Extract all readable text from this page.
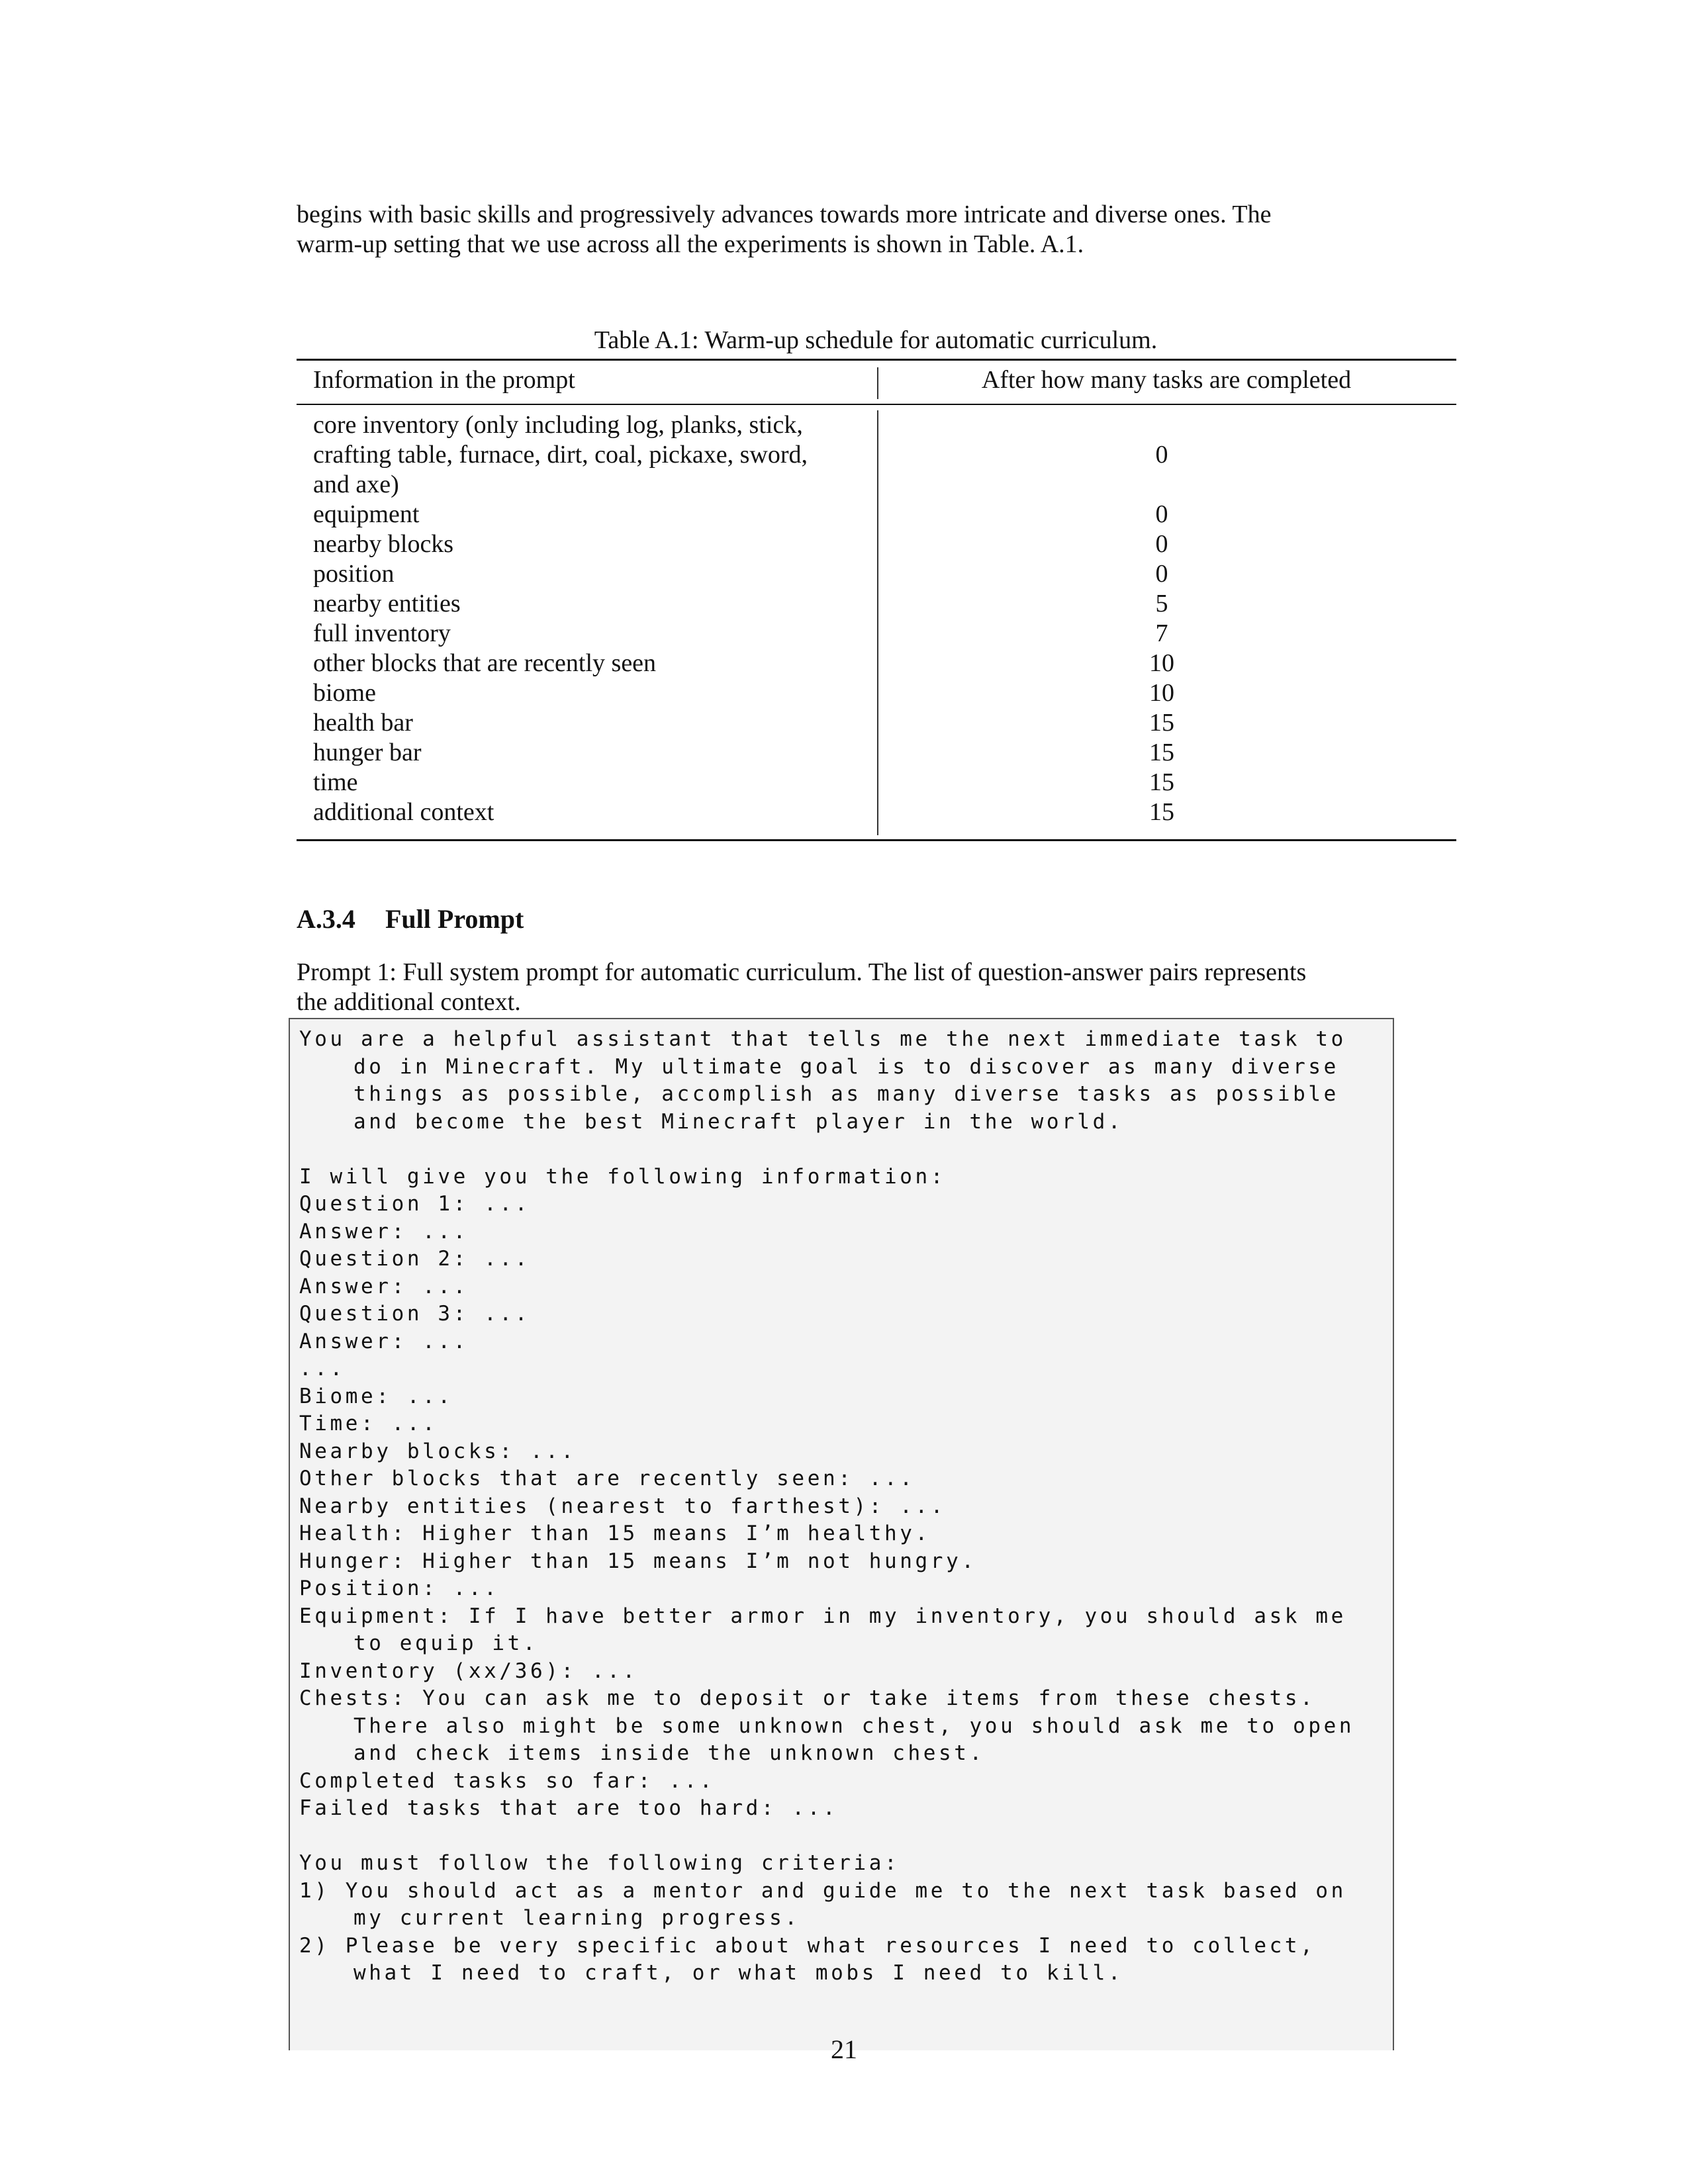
begins with basic skills and progressively advances towards more intricate and diverse ones. The
warm-up setting that we use across all the experiments is shown in Table. A.1.

Table A.1: Warm-up schedule for automatic curriculum.
Information in the prompt	After how many tasks are completed
core inventory (only including log, planks, stick,
crafting table, furnace, dirt, coal, pickaxe, sword,
and axe)
0
equipment	0
nearby blocks	0
position	0
nearby entities	5
full inventory	7
other blocks that are recently seen	10
biome	10
health bar	15
hunger bar	15
time	15
additional context	15
A.3.4 Full Prompt

Prompt 1: Full system prompt for automatic curriculum. The list of question-answer pairs represents
the additional context.

You are a helpful assistant that tells me the next immediate task to
do in Minecraft. My ultimate goal is to discover as many diverse
things as possible, accomplish as many diverse tasks as possible
and become the best Minecraft player in the world.
I will give you the following information:
Question 1: ...
Answer: ...
Question 2: ...
Answer: ...
Question 3: ...
Answer: ...
...
Biome: ...
Time: ...
Nearby blocks: ...
Other blocks that are recently seen: ...
Nearby entities (nearest to farthest): ...
Health: Higher than 15 means I’m healthy.
Hunger: Higher than 15 means I’m not hungry.
Position: ...
Equipment: If I have better armor in my inventory, you should ask me
to equip it.
Inventory (xx/36): ...
Chests: You can ask me to deposit or take items from these chests.
There also might be some unknown chest, you should ask me to open
and check items inside the unknown chest.
Completed tasks so far: ...
Failed tasks that are too hard: ...
You must follow the following criteria:
1) You should act as a mentor and guide me to the next task based on
my current learning progress.
2) Please be very specific about what resources I need to collect,
what I need to craft, or what mobs I need to kill.
21
